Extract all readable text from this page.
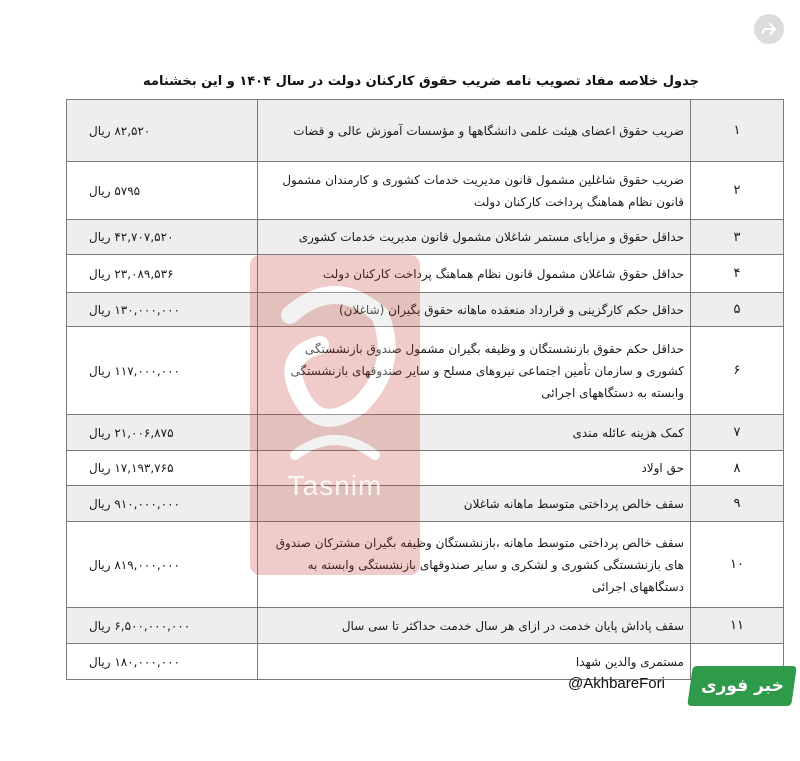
جدول خلاصه مفاد تصویب نامه ضریب حقوق کارکنان دولت در سال ۱۴۰۴ و این بخشنامه
۱	ضریب حقوق اعضای هیئت علمی دانشگاهها و مؤسسات آموزش عالی و قضات	۸۲,۵۲۰ ریال
۲	ضریب حقوق شاغلین مشمول قانون مدیریت خدمات کشوری و کارمندان مشمول قانون نظام هماهنگ پرداخت کارکنان دولت	۵۷۹۵ ریال
۳	حداقل حقوق و مزایای مستمر شاغلان مشمول قانون مدیریت خدمات کشوری	۴۲,۷۰۷,۵۲۰ ریال
۴	حداقل حقوق شاغلان مشمول قانون نظام هماهنگ پرداخت کارکنان دولت	۲۳,۰۸۹,۵۳۶ ریال
۵	حداقل حکم کارگزینی و قرارداد منعقده ماهانه حقوق بگیران (شاغلان)	۱۳۰,۰۰۰,۰۰۰ ریال
۶	حداقل حکم حقوق بازنشستگان و وظیفه بگیران مشمول صندوق بازنشستگی کشوری و سازمان تأمین اجتماعی نیروهای مسلح و سایر صندوقهای بازنشستگی وابسته به دستگاههای اجرائی	۱۱۷,۰۰۰,۰۰۰ ریال
۷	کمک هزینه عائله مندی	۲۱,۰۰۶,۸۷۵ ریال
۸	حق اولاد	۱۷,۱۹۳,۷۶۵ ریال
۹	سقف خالص پرداختی متوسط ماهانه شاغلان	۹۱۰,۰۰۰,۰۰۰ ریال
۱۰	سقف خالص پرداختی متوسط ماهانه ،بازنشستگان وظیفه بگیران مشترکان صندوق های بازنشستگی کشوری و لشکری و سایر صندوقهای بازنشستگی وابسته به دستگاههای اجرائی	۸۱۹,۰۰۰,۰۰۰ ریال
۱۱	سقف پاداش پایان خدمت در ازای هر سال خدمت حداکثر تا سی سال	۶,۵۰۰,۰۰۰,۰۰۰ ریال
	مستمری والدین شهدا	۱۸۰,۰۰۰,۰۰۰ ریال
Tasnim
@AkhbareFori خبر فوری
